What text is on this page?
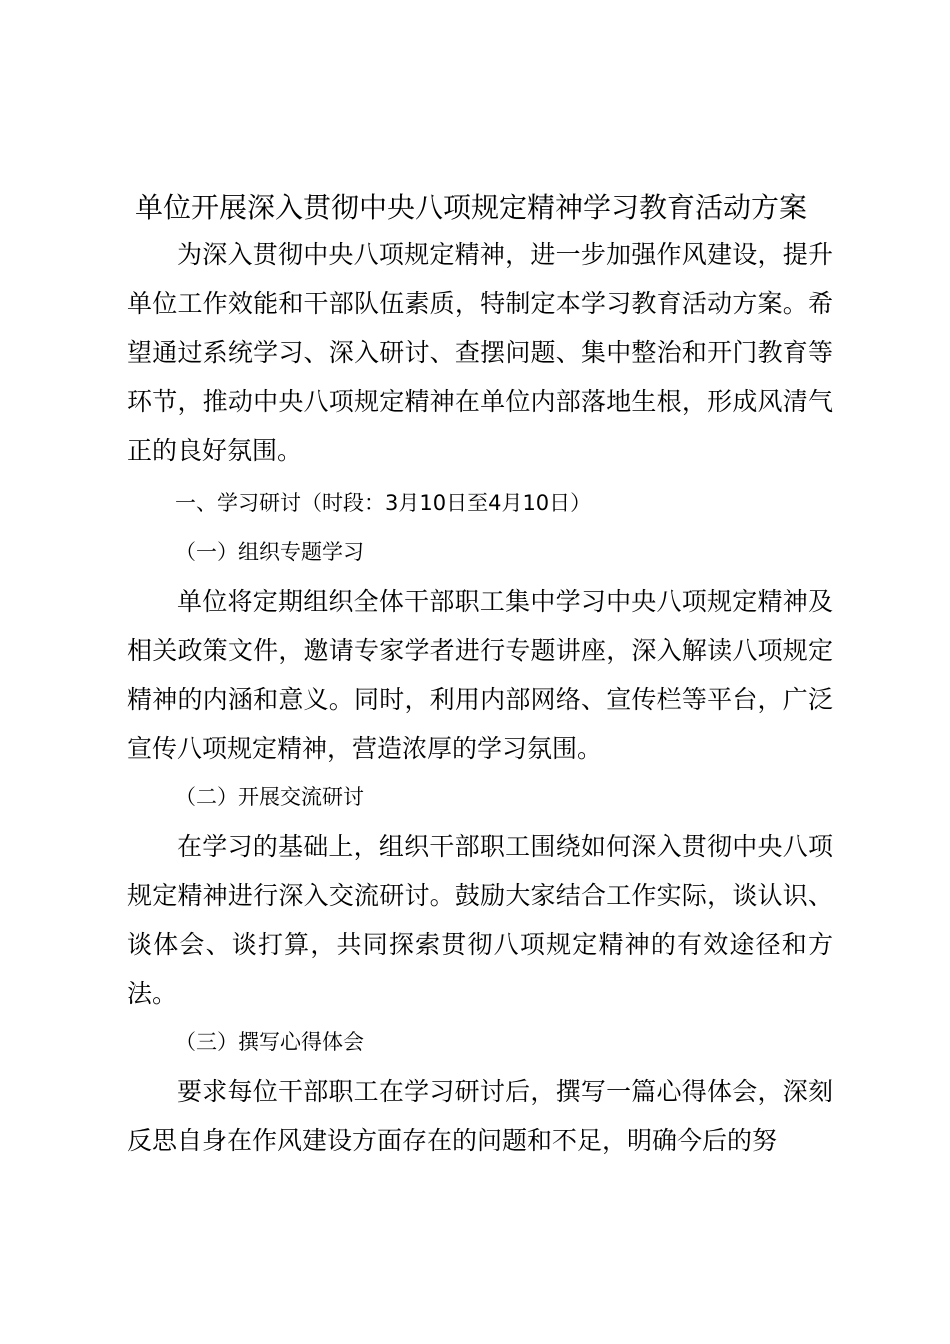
单位开展深入贯彻中央八项规定精神学习教育活动方案

为深入贯彻中央八项规定精神，进一步加强作风建设，提升单位工作效能和干部队伍素质，特制定本学习教育活动方案。希望通过系统学习、深入研讨、查摆问题、集中整治和开门教育等环节，推动中央八项规定精神在单位内部落地生根，形成风清气正的良好氛围。

一、学习研讨（时段：3月10日至4月10日）

（一）组织专题学习

单位将定期组织全体干部职工集中学习中央八项规定精神及相关政策文件，邀请专家学者进行专题讲座，深入解读八项规定精神的内涵和意义。同时，利用内部网络、宣传栏等平台，广泛宣传八项规定精神，营造浓厚的学习氛围。

（二）开展交流研讨

在学习的基础上，组织干部职工围绕如何深入贯彻中央八项规定精神进行深入交流研讨。鼓励大家结合工作实际，谈认识、谈体会、谈打算，共同探索贯彻八项规定精神的有效途径和方法。

（三）撰写心得体会

要求每位干部职工在学习研讨后，撰写一篇心得体会，深刻反思自身在作风建设方面存在的问题和不足，明确今后的努
